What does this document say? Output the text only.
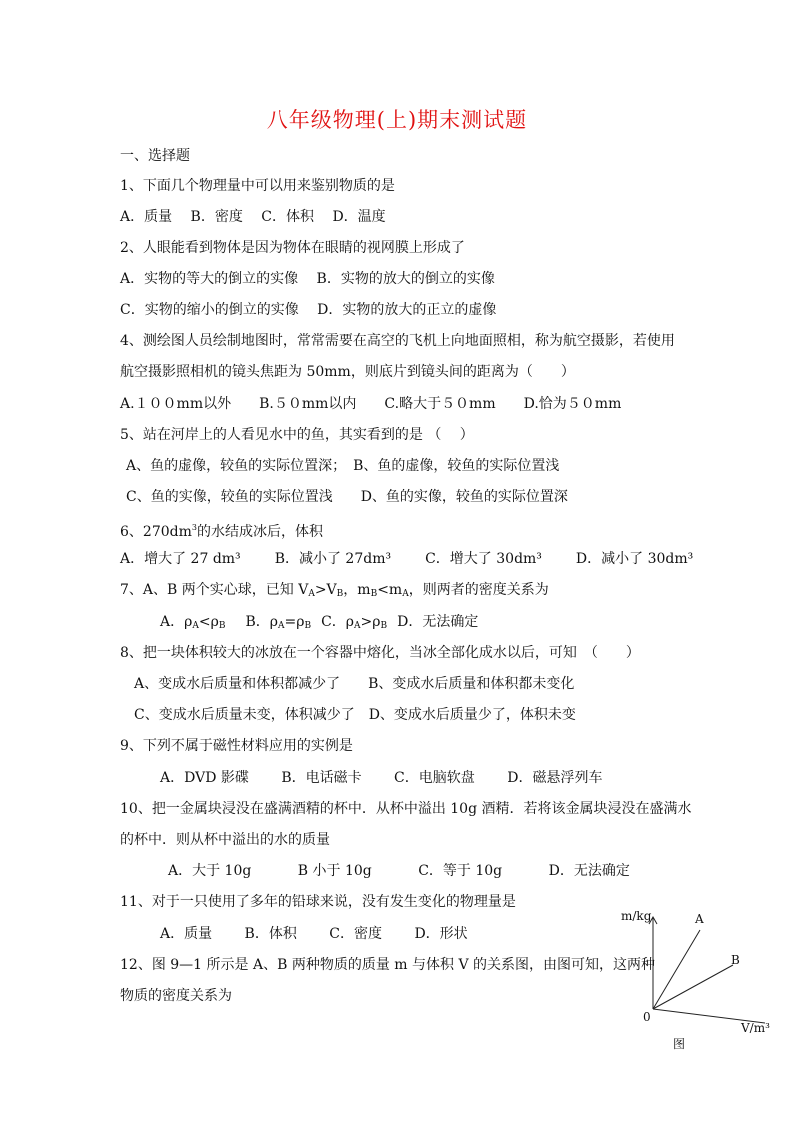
八年级物理(上)期末测试题
一、选择题
1、下面几个物理量中可以用来鉴别物质的是
A．质量　 B．密度　 C．体积　 D．温度
2、人眼能看到物体是因为物体在眼睛的视网膜上形成了
A．实物的等大的倒立的实像　 B．实物的放大的倒立的实像
C．实物的缩小的倒立的实像　 D．实物的放大的正立的虚像
4、测绘图人员绘制地图时，常常需要在高空的飞机上向地面照相，称为航空摄影，若使用
航空摄影照相机的镜头焦距为 50mm，则底片到镜头间的距离为（　　）
A.１００mm以外　　B.５０mm以内　　C.略大于５０mm　　D.恰为５０mm
5、站在河岸上的人看见水中的鱼，其实看到的是 （　 ）
A、鱼的虚像，较鱼的实际位置深；　B、鱼的虚像，较鱼的实际位置浅
C、鱼的实像，较鱼的实际位置浅　　D、鱼的实像，较鱼的实际位置深
6、$270dm^3$的水结成冰后，体积
A．增大了 27 dm³ B．减小了 27dm³ C．增大了 30dm³ D．减小了 30dm³
7、A、B 两个实心球，已知 $V_A>V_B$，$m_B<m_A$，则两者的密度关系为
A．$\rho_A<\rho_B$ B．$\rho_A=\rho_B$ C．$\rho_A>\rho_B$ D．无法确定
8、把一块体积较大的冰放在一个容器中熔化，当冰全部化成水以后，可知　（　　）
A、变成水后质量和体积都减少了　　B、变成水后质量和体积都未变化
C、变成水后质量未变，体积减少了　D、变成水后质量少了，体积未变
9、下列不属于磁性材料应用的实例是
A．DVD 影碟　　 B．电话磁卡　　 C．电脑软盘　　 D．磁悬浮列车
10、把一金属块浸没在盛满酒精的杯中．从杯中溢出 10g 酒精．若将该金属块浸没在盛满水
的杯中．则从杯中溢出的水的质量
A．大于 10g　　　 B 小于 10g　　　 C．等于 10g　　　 D．无法确定
11、对于一只使用了多年的铅球来说，没有发生变化的物理量是
A．质量　　 B．体积　　 C．密度　　 D．形状
12、图 9—1 所示是 A、B 两种物质的质量 m 与体积 V 的关系图，由图可知，这两种
物质的密度关系为
m/kg	A
B
0
V/m³
图
